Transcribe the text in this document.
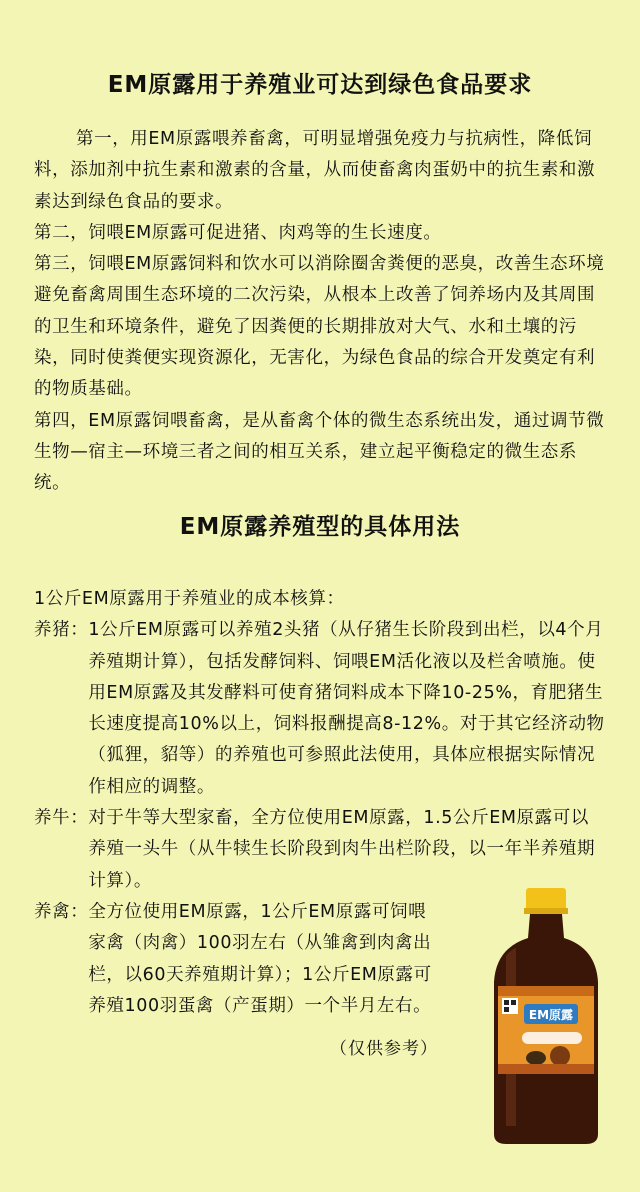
EM原露用于养殖业可达到绿色食品要求

第一，用EM原露喂养畜禽，可明显增强免疫力与抗病性，降低饲料，添加剂中抗生素和激素的含量，从而使畜禽肉蛋奶中的抗生素和激素达到绿色食品的要求。

第二，饲喂EM原露可促进猪、肉鸡等的生长速度。

第三，饲喂EM原露饲料和饮水可以消除圈舍粪便的恶臭，改善生态环境避免畜禽周围生态环境的二次污染，从根本上改善了饲养场内及其周围的卫生和环境条件，避免了因粪便的长期排放对大气、水和土壤的污染，同时使粪便实现资源化，无害化，为绿色食品的综合开发奠定有利的物质基础。

第四，EM原露饲喂畜禽，是从畜禽个体的微生态系统出发，通过调节微生物—宿主—环境三者之间的相互关系，建立起平衡稳定的微生态系统。

EM原露养殖型的具体用法
1公斤EM原露用于养殖业的成本核算：
养猪： 1公斤EM原露可以养殖2头猪（从仔猪生长阶段到出栏，以4个月养殖期计算），包括发酵饲料、饲喂EM活化液以及栏舍喷施。使用EM原露及其发酵料可使育猪饲料成本下降10-25%，育肥猪生长速度提高10%以上，饲料报酬提高8-12%。对于其它经济动物（狐狸，貂等）的养殖也可参照此法使用，具体应根据实际情况作相应的调整。
养牛： 对于牛等大型家畜，全方位使用EM原露，1.5公斤EM原露可以养殖一头牛（从牛犊生长阶段到肉牛出栏阶段，以一年半养殖期计算）。
养禽： 全方位使用EM原露，1公斤EM原露可饲喂家禽（肉禽）100羽左右（从雏禽到肉禽出栏，以60天养殖期计算）；1公斤EM原露可养殖100羽蛋禽（产蛋期）一个半月左右。
（仅供参考）
EM原露
